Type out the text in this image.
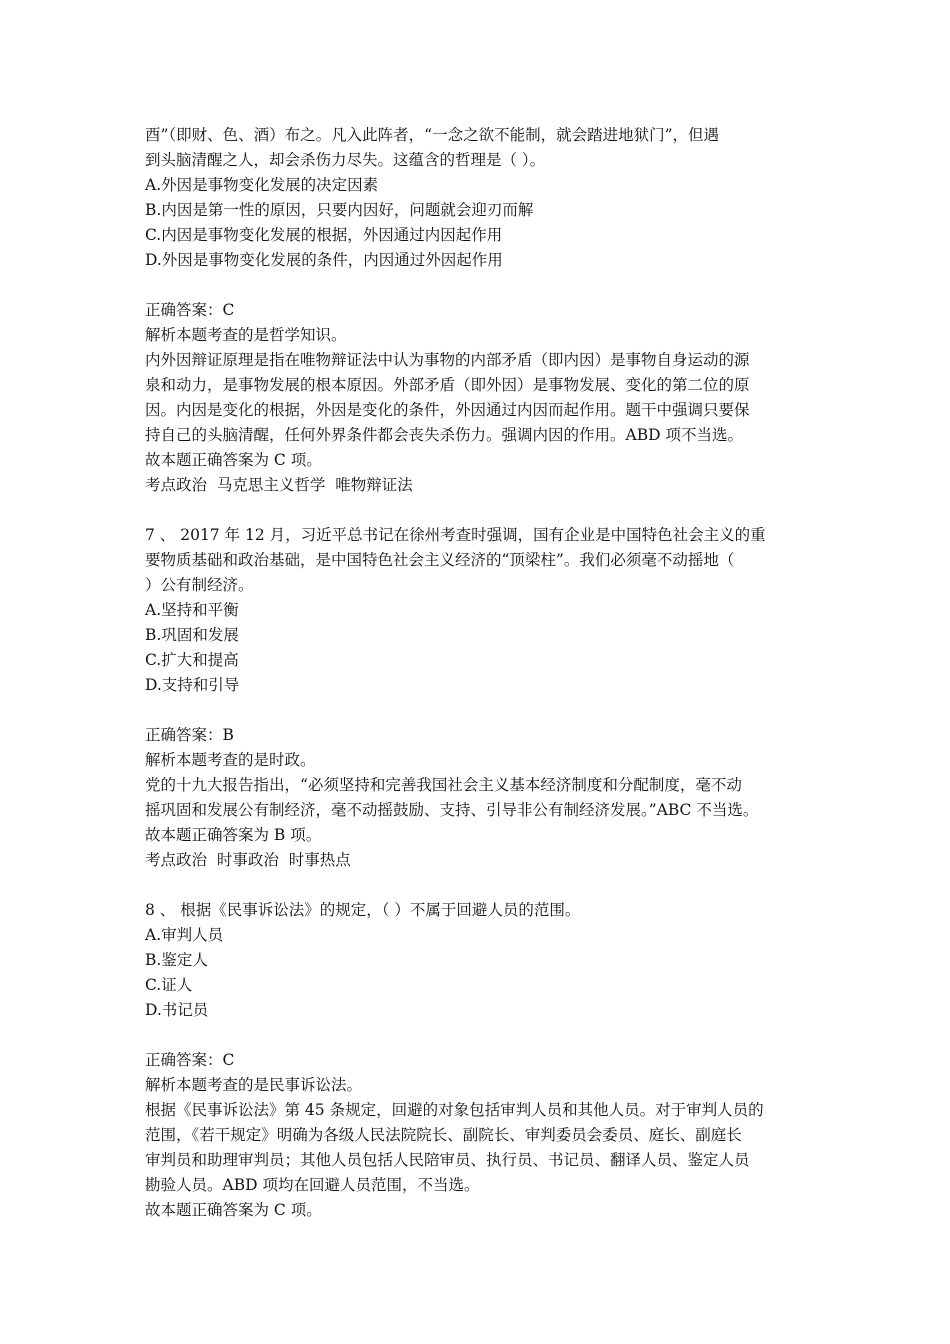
酉”（即财、色、酒）布之。凡入此阵者，“一念之欲不能制，就会踏进地狱门”，但遇
到头脑清醒之人，却会杀伤力尽失。这蕴含的哲理是（ ）。
A.外因是事物变化发展的决定因素
B.内因是第一性的原因，只要内因好，问题就会迎刃而解
C.内因是事物变化发展的根据，外因通过内因起作用
D.外因是事物变化发展的条件，内因通过外因起作用
正确答案：C
解析本题考查的是哲学知识。
内外因辩证原理是指在唯物辩证法中认为事物的内部矛盾（即内因）是事物自身运动的源
泉和动力，是事物发展的根本原因。外部矛盾（即外因）是事物发展、变化的第二位的原
因。内因是变化的根据，外因是变化的条件，外因通过内因而起作用。题干中强调只要保
持自己的头脑清醒，任何外界条件都会丧失杀伤力。强调内因的作用。ABD 项不当选。
故本题正确答案为 C 项。
考点政治  马克思主义哲学  唯物辩证法
7 、 2017 年 12 月，习近平总书记在徐州考查时强调，国有企业是中国特色社会主义的重
要物质基础和政治基础，是中国特色社会主义经济的“顶梁柱”。我们必须毫不动摇地（
）公有制经济。
A.坚持和平衡
B.巩固和发展
C.扩大和提高
D.支持和引导
正确答案：B
解析本题考查的是时政。
党的十九大报告指出，“必须坚持和完善我国社会主义基本经济制度和分配制度，毫不动
摇巩固和发展公有制经济，毫不动摇鼓励、支持、引导非公有制经济发展。”ABC 不当选。
故本题正确答案为 B 项。
考点政治  时事政治  时事热点
8 、 根据《民事诉讼法》的规定，（ ）不属于回避人员的范围。
A.审判人员
B.鉴定人
C.证人
D.书记员
正确答案：C
解析本题考查的是民事诉讼法。
根据《民事诉讼法》第 45 条规定，回避的对象包括审判人员和其他人员。对于审判人员的
范围，《若干规定》明确为各级人民法院院长、副院长、审判委员会委员、庭长、副庭长
审判员和助理审判员；其他人员包括人民陪审员、执行员、书记员、翻译人员、鉴定人员
勘验人员。ABD 项均在回避人员范围，不当选。
故本题正确答案为 C 项。
